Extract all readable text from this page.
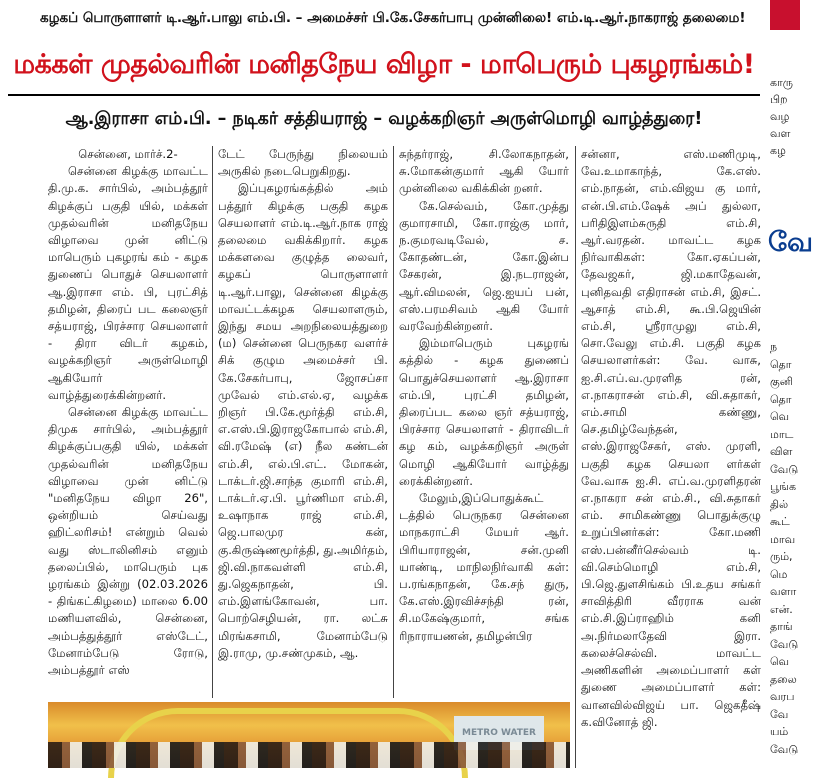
கழகப் பொருளாளர் டி.ஆர்.பாலு எம்.பி. – அமைச்சர் பி.கே.சேகர்பாபு முன்னிலை! எம்.டி.ஆர்.நாகராஜ் தலைமை!
மக்கள் முதல்வரின் மனிதநேய விழா - மாபெரும் புகழரங்கம்!
ஆ.இராசா எம்.பி. – நடிகர் சத்தியராஜ் – வழக்கறிஞர் அருள்மொழி வாழ்த்துரை!

சென்னை, மார்ச்.2-

சென்னை கிழக்கு மாவட்ட தி.மு.க. சார்பில், அம்பத்தூர் கிழக்குப் பகுதி யில், மக்கள் முதல்வரின் மனிதநேய விழாவை முன் னிட்டு மாபெரும் புகழரங் கம் - கழக துணைப் பொதுச் செயலாளர் ஆ.இராசா எம். பி, புரட்சித் தமிழன், திரைப் பட கலைஞர் சத்யராஜ், பிரச்சார செயலாளர் - திரா விடர் கழகம், வழக்கறிஞர் அருள்மொழி ஆகியோர் வாழ்த்துரைக்கின்றனர்.

சென்னை கிழக்கு மாவட்ட திமுக சார்பில், அம்பத்தூர் கிழக்குப்பகுதி யில், மக்கள் முதல்வரின் மனிதநேய விழாவை முன் னிட்டு "மனிதநேய விழா 26", ஒன்றியம் செய்வது ஹிட்லரிசம்! என்றும் வெல் வது ஸ்டாலினிசம் எனும் தலைப்பில், மாபெரும் புக ழரங்கம் இன்று (02.03.2026 - திங்கட்கிழமை) மாலை 6.00 மணியளவில், சென்னை, அம்பத்துத்தூர் எஸ்டேட், மேனாம்பேடு ரோடு, அம்பத்தூர் எஸ்

டேட் பேருந்து நிலையம் அருகில் நடைபெறுகிறது.

இப்புகழரங்கத்தில் அம் பத்தூர் கிழக்கு பகுதி கழக செயலாளர் எம்.டி.ஆர்.நாக ராஜ் தலைமை வகிக்கிறார். கழக மக்களவை குழுத்த லைவர், கழகப் பொருளாளர் டி.ஆர்.பாலு, சென்னை கிழக்கு மாவட்டக்கழக செயலாளரும், இந்து சமய அறநிலையத்துறை (ம) சென்னை பெருநகர வளர்ச் சிக் குழும அமைச்சர் பி. கே.சேகர்பாபு, ஜோசப்சா முவேல் எம்.எல்.ஏ, வழக்க றிஞர் பி.கே.மூர்த்தி எம்.சி, எ.எஸ்.பி.இராஜகோபால் எம்.சி, வி.ரமேஷ் (எ) நீல கண்டன் எம்.சி, எல்.பி.எட். மோகன், டாக்டர்.ஜி.சாந்த குமாரி எம்.சி, டாக்டர்.ஏ.பி. பூர்ணிமா எம்.சி, உஷாநாக ராஜ் எம்.சி, ஜெ.பாலமுர கன், கு.கிருஷ்ணமூர்த்தி, து.அமிர்தம், ஜி.வி.நாகவள்ளி எம்.சி, து.ஜெகநாதன், பி. எம்.இளங்கோவன், பா. பொற்செழியன், ரா. லட்சு மிரங்கசாமி, மேனாம்பேடு இ.ராமு, மு.சண்முகம், ஆ.

சுந்தர்ராஜ், சி.லோகநாதன், சு.மோகன்குமார் ஆகி யோர் முன்னிலை வகிக்கின் றனர்.

கே.செல்வம், கோ.முத்து குமாரசாமி, கோ.ராஜ்கு மார், ந.குமரவடிவேல், ச. கோதண்டன், கோ.இன்ப சேகரன், இ.நடராஜன், ஆர்.விமலன், ஜெ.ஐயப் பன், எஸ்.பரமசிவம் ஆகி யோர் வரவேற்கின்றனர்.

இம்மாபெரும் புகழரங் கத்தில் - கழக துணைப் பொதுச்செயலாளர் ஆ.இராசா எம்.பி, புரட்சி தமிழன், திரைப்பட கலை ஞர் சத்யராஜ், பிரச்சார செயலாளர் - திராவிடர் கழ கம், வழக்கறிஞர் அருள் மொழி ஆகியோர் வாழ்த்து ரைக்கின்றனர்.

மேலும்,இப்பொதுக்கூட் டத்தில் பெருநகர சென்னை மாநகராட்சி மேயர் ஆர். பிரியாராஜன், சன்.முனி யாண்டி, மாநிலநிர்வாகி கள்: ப.ரங்கநாதன், கே.சந் துரு, கே.எஸ்.இரவிச்சந்தி ரன், சி.மகேஷ்குமார், சங்க ரிநாராயணன், தமிழன்பிர

சன்னா, எஸ்.மணிமுடி, வே.உமாகாந்த், கே.எஸ். எம்.நாதன், எம்.விஜய கு மார், என்.பி.எம்.ஷேக் அப் துல்லா, பரிதிஇளம்சுருதி எம்.சி, ஆர்.வரதன். மாவட்ட கழக நிர்வாகிகள்: கோ.ஏகப்பன், தேவஜகர், ஜி.மகாதேவன், புனிதவதி எதிராசன் எம்.சி, இசட். ஆசாத் எம்.சி, கூ.பி.ஜெயின் எம்.சி, ஸ்ரீராமுலு எம்.சி, சொ.வேலு எம்.சி. பகுதி கழக செயலாளர்கள்: வே. வாசு, ஐ.சி.எப்.வ.முரளித ரன், எ.நாகராசன் எம்.சி, வி.சுதாகர், எம்.சாமி கண்ணு, செ.தமிழ்வேந்தன், எஸ்.இராஜசேகர், எஸ். முரளி, பகுதி கழக செயலா ளர்கள் வே.வாசு ஐ.சி. எப்.வ.முரளிதரன் எ.நாகரா சன் எம்.சி., வி.சுதாகர் எம். சாமிகண்ணு பொதுக்குழு உறுப்பினர்கள்: கோ.மணி எஸ்.பன்னீர்செல்வம் டி. வி.செம்மொழி எம்.சி, பி.ஜெ.துளசிங்கம் பி.உதய சங்கர் சாவித்திரி வீரராக வன் எம்.சி.இப்ராஹிம் கனி அ.நிர்மலாதேவி இரா. கலைச்செல்வி. மாவட்ட அணிகளின் அமைப்பாளர் கள் துணை அமைப்பாளர் கள்: வானவில்விஜய் பா. ஜெகதீஷ் க.வினோத் ஜி.

METRO WATER
காரு
பிற
வழ
வள
கழ
வே
ந
தொ
குனி
தொ
வெ
மாட
விள
வேடு
பூங்க
தில்
கூட்
மாவ
ரும்,
மெ
வளா
என்.
தாங்
வேடு
வெ
தலை
வரப
வே
யம்
வேடு
